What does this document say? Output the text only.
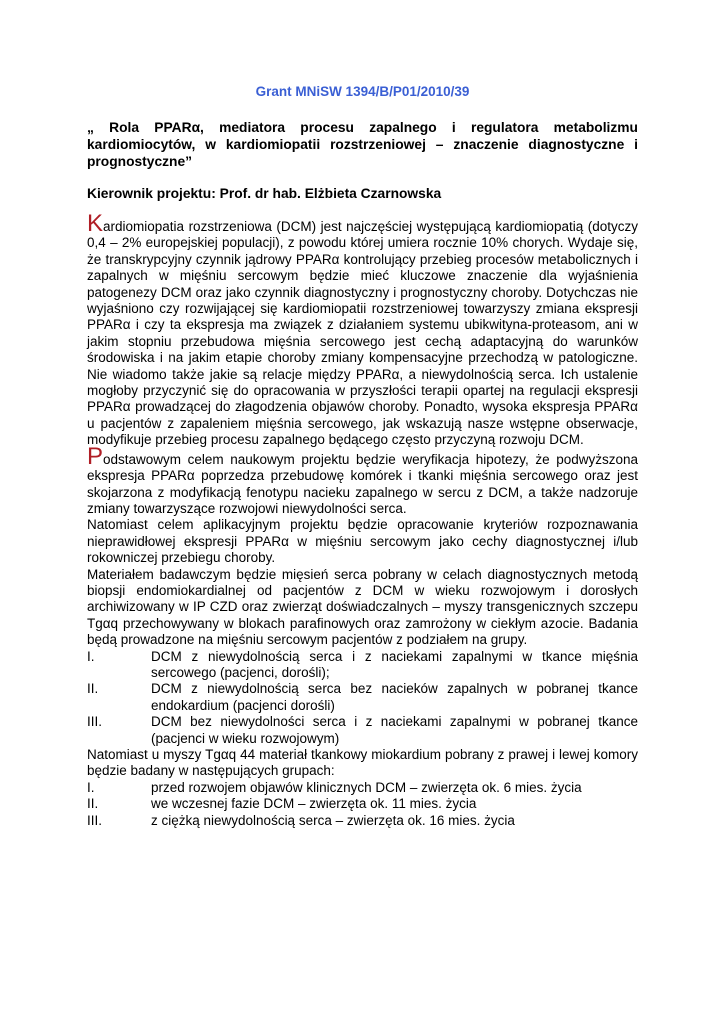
Grant MNiSW 1394/B/P01/2010/39
„ Rola PPARα, mediatora procesu zapalnego i regulatora metabolizmu kardiomiocytów, w kardiomiopatii rozstrzeniowej – znaczenie diagnostyczne i prognostyczne”
Kierownik projektu: Prof. dr hab. Elżbieta Czarnowska

Kardiomiopatia rozstrzeniowa (DCM) jest najczęściej występującą kardiomiopatią (dotyczy 0,4 – 2% europejskiej populacji), z powodu której umiera rocznie 10% chorych. Wydaje się, że transkrypcyjny czynnik jądrowy PPARα kontrolujący przebieg procesów metabolicznych i zapalnych w mięśniu sercowym będzie mieć kluczowe znaczenie dla wyjaśnienia patogenezy DCM oraz jako czynnik diagnostyczny i prognostyczny choroby. Dotychczas nie wyjaśniono czy rozwijającej się kardiomiopatii rozstrzeniowej towarzyszy zmiana ekspresji PPARα i czy ta ekspresja ma związek z działaniem systemu ubikwityna-proteasom, ani w jakim stopniu przebudowa mięśnia sercowego jest cechą adaptacyjną do warunków środowiska i na jakim etapie choroby zmiany kompensacyjne przechodzą w patologiczne. Nie wiadomo także jakie są relacje między PPARα, a niewydolnością serca. Ich ustalenie mogłoby przyczynić się do opracowania w przyszłości terapii opartej na regulacji ekspresji PPARα prowadzącej do złagodzenia objawów choroby. Ponadto, wysoka ekspresja PPARα u pacjentów z zapaleniem mięśnia sercowego, jak wskazują nasze wstępne obserwacje, modyfikuje przebieg procesu zapalnego będącego często przyczyną rozwoju DCM.

Podstawowym celem naukowym projektu będzie weryfikacja hipotezy, że podwyższona ekspresja PPARα poprzedza przebudowę komórek i tkanki mięśnia sercowego oraz jest skojarzona z modyfikacją fenotypu nacieku zapalnego w sercu z DCM, a także nadzoruje zmiany towarzyszące rozwojowi niewydolności serca.

Natomiast celem aplikacyjnym projektu będzie opracowanie kryteriów rozpoznawania nieprawidłowej ekspresji PPARα w mięśniu sercowym jako cechy diagnostycznej i/lub rokowniczej przebiegu choroby.

Materiałem badawczym będzie mięsień serca pobrany w celach diagnostycznych metodą biopsji endomiokardialnej od pacjentów z DCM w wieku rozwojowym i dorosłych archiwizowany w IP CZD oraz zwierząt doświadczalnych – myszy transgenicznych szczepu Tgαq przechowywany w blokach parafinowych oraz zamrożony w ciekłym azocie. Badania będą prowadzone na mięśniu sercowym pacjentów z podziałem na grupy.

I.	DCM z niewydolnością serca i z naciekami zapalnymi w tkance mięśnia sercowego (pacjenci, dorośli);
II.	DCM z niewydolnością serca bez nacieków zapalnych w pobranej tkance endokardium (pacjenci dorośli)
III.	DCM bez niewydolności serca i z naciekami zapalnymi w pobranej tkance (pacjenci w wieku rozwojowym)

Natomiast u myszy Tgαq 44 materiał tkankowy miokardium pobrany z prawej i lewej komory będzie badany w następujących grupach:

I.	przed rozwojem objawów klinicznych DCM – zwierzęta ok. 6 mies. życia
II.	we wczesnej fazie DCM – zwierzęta ok. 11 mies. życia
III.	z ciężką niewydolnością serca – zwierzęta ok. 16 mies. życia
